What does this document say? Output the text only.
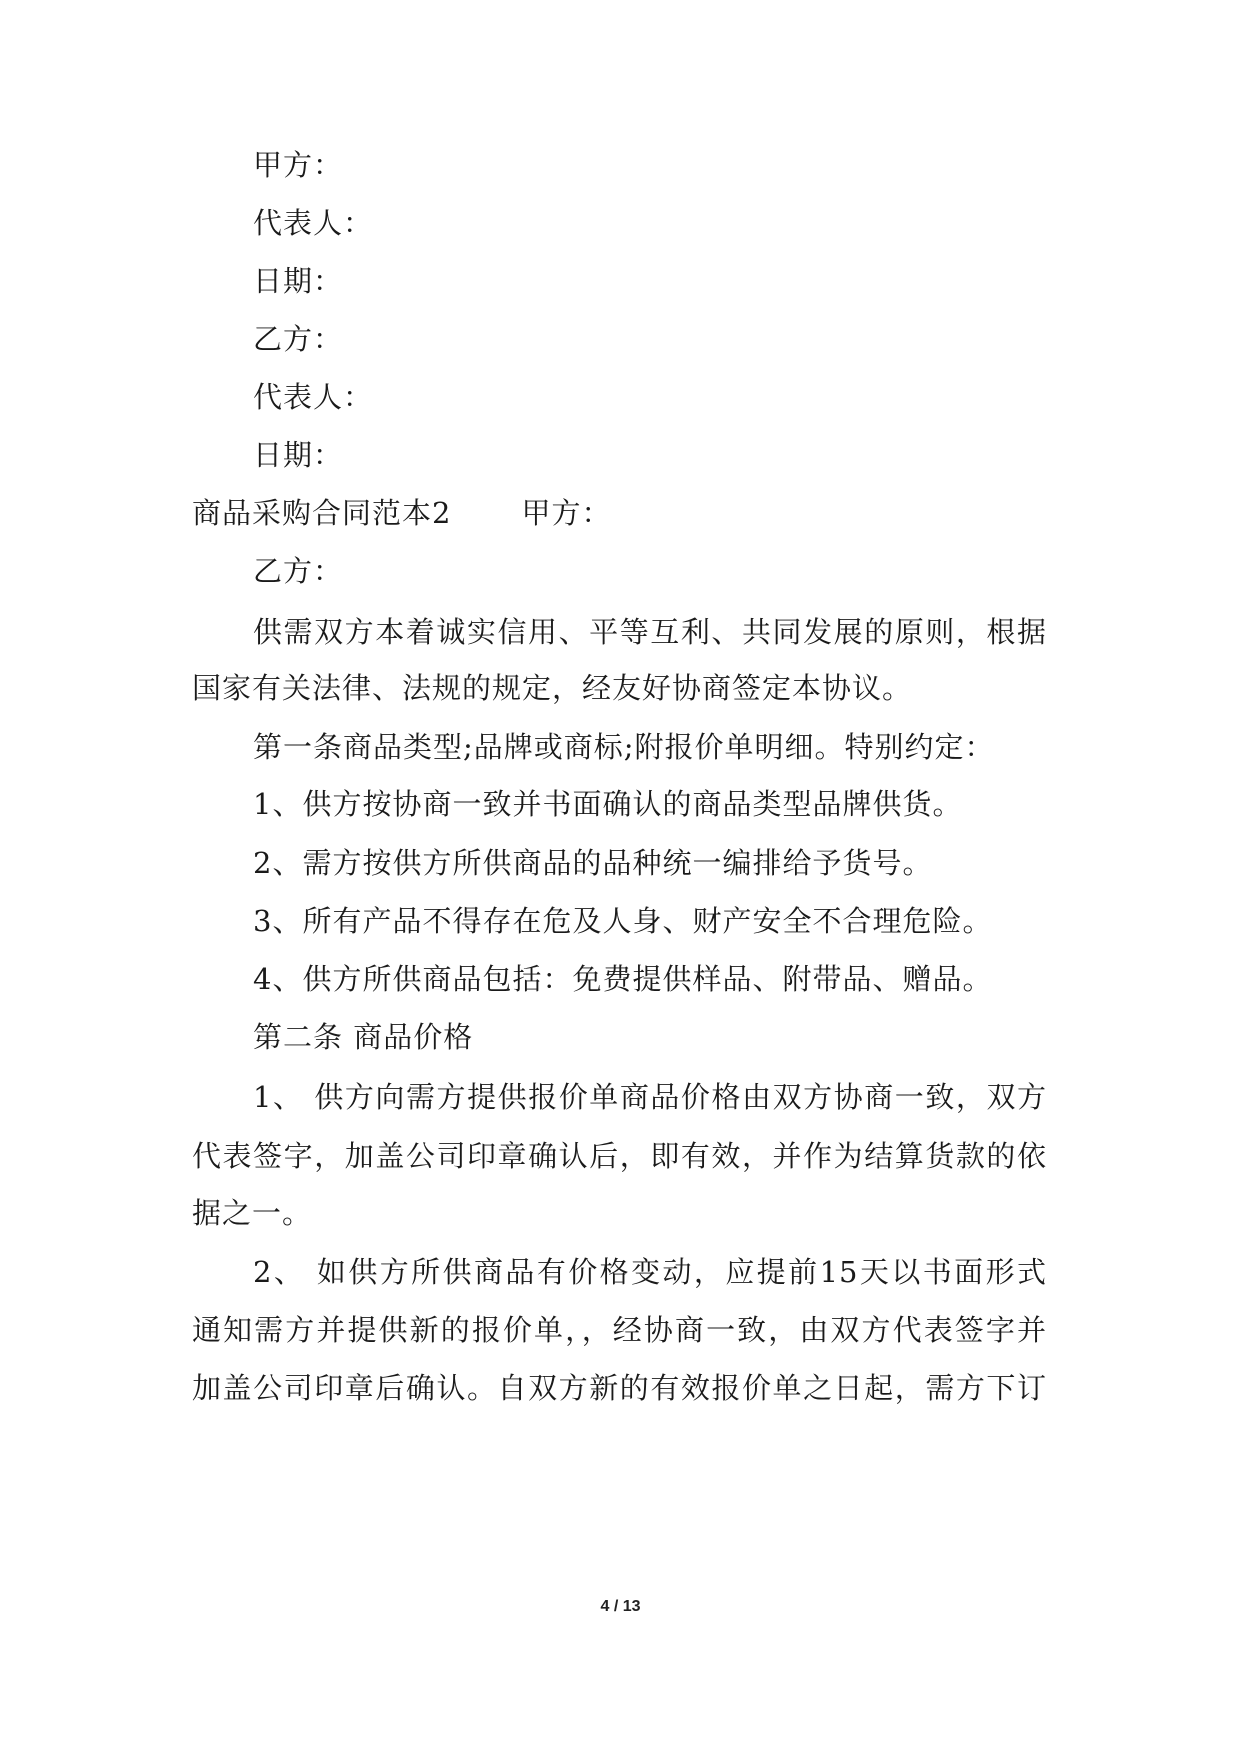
甲方：
代表人：
日期：
乙方：
代表人：
日期：
商品采购合同范本2 甲方：
乙方：
供需双方本着诚实信用、平等互利、共同发展的原则，根据
国家有关法律、法规的规定，经友好协商签定本协议。
第一条商品类型;品牌或商标;附报价单明细。特别约定：
1、供方按协商一致并书面确认的商品类型品牌供货。
2、需方按供方所供商品的品种统一编排给予货号。
3、所有产品不得存在危及人身、财产安全不合理危险。
4、供方所供商品包括：免费提供样品、附带品、赠品。
第二条 商品价格
1、 供方向需方提供报价单商品价格由双方协商一致，双方
代表签字，加盖公司印章确认后，即有效，并作为结算货款的依
据之一。
2、 如供方所供商品有价格变动，应提前15天以书面形式
通知需方并提供新的报价单，，经协商一致，由双方代表签字并
加盖公司印章后确认。自双方新的有效报价单之日起，需方下订
4 / 13
